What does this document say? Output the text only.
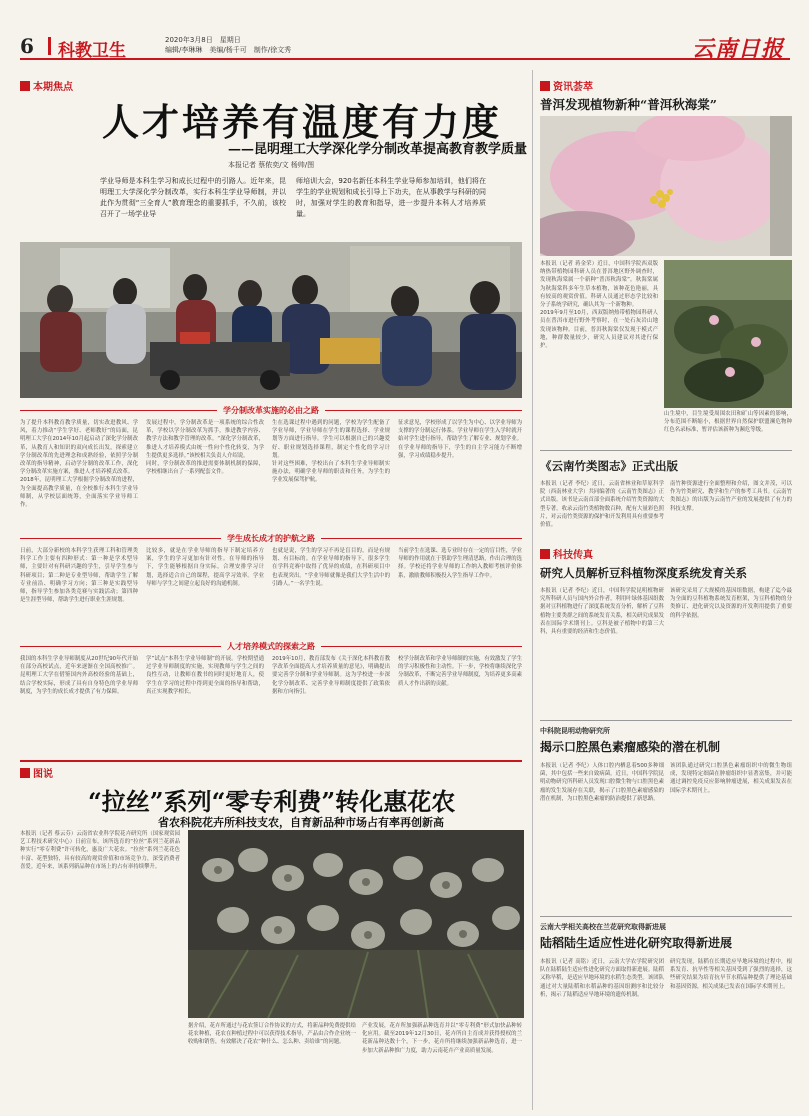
6 科教卫生
2020年3月8日　星期日
编辑/李琳琳　美编/杨千可　制作/徐文秀	云南日报
本期焦点
人才培养有温度有力度
——昆明理工大学深化学分制改革提高教育教学质量
本报记者 蔡侬奕/文 杨帅/图
学业导师是本科生学习和成长过程中的引路人。近年来，昆明理工大学深化学分制改革，实行本科生学业导师制，并以此作为贯彻“三全育人”教育理念的重要抓手，不久前，该校召开了一场学业导
师培训大会，920名新任本科生学业导师参加培训，他们将在学生的学业规划和成长引导上下功夫，在从事教学与科研的同时，加强对学生的教育和指导，进一步提升本科人才培养质量。
学分制改革实施的必由之路

为了提升本科教育教学质量，切实改进教风、学风，着力推动“学生学好、老师教好”的局面，昆明理工大学在2014年10月起启动了深化学分制改革，从教育人和知识的双向成长出发，探索建立学分制改革的先进理念和成熟经验，依照学分制改革的指导精神，启动学分制的改革工作，深化学分制改革实施方案，推进人才培养模式改革。

2018年，昆明理工大学根据学分制改革的进程，为全面提高教学质量，在全校推行本科生学业导师制，从学校层面统筹，全面落实学业导师工作。

发展过程中，学分制改革是一项系统的综合性改革，学校以学分制改革为抓手，推进教学内容、教学方法和教学管理的改革。“深化学分制改革，推进人才培养模式由统一性向个性化转变，为学生提供更多选择。”该校相关负责人介绍说。

同时，学分制改革的推进需要体制机制的保障，学校相继出台了一系列配套文件。

生在选课过程中遇到的问题，学校为学生配备了学业导师，学业导师在学生的课程选择、学业规划等方面进行指导。学生可以根据自己的兴趣爱好、职业规划选择课程，制定个性化的学习计划。

针对这些困难，学校出台了本科生学业导师制实施办法，明确学业导师的职责和任务，为学生的学业发展保驾护航。

征求意见，学校形成了以学生为中心、以学业导师为支撑的学分制运行体系。学业导师在学生入学时就开始对学生进行指导，帮助学生了解专业、规划学业。

在学业导师的指导下，学生的自主学习能力不断增强，学习成绩稳步提升。

学生成长成才的护航之路
日前，大部分新校的本科学生获理工科和管理类科学工作主要有四种形式：第一种是学术型导师，主要针对有科研兴趣的学生，引导学生参与科研项目；第二种是专业型导师，帮助学生了解专业前沿、明确学习方向；第三种是实践型导师，指导学生参加各类竞赛与实践活动；第四种是生涯型导师，帮助学生进行职业生涯规划。
比较多，就是在学业导师的指导下制定培养方案，学生的学习更加有针对性。在导师的指导下，学生能够根据自身实际，合理安排学习计划，选择适合自己的课程，提高学习效率。学业导师与学生之间建立起良好的沟通机制。
也就是说，学生的学习不再是盲目的，而是有规划、有目标的。在学业导师的指导下，很多学生在学科竞赛中取得了优异的成绩，在科研项目中也表现突出。“学业导师就像是我们大学生活中的引路人。”一名学生说。
当前学生在选课、选专业时存在一定的盲目性，学业导师的作用就在于帮助学生理清思路，作出合理的选择。学校还将学业导师的工作纳入教师考核评价体系，激励教师积极投入学生指导工作中。
人才培养模式的探索之路
我国的本科生学业导师制度从20世纪90年代开始在部分高校试点，近年来逐渐在全国高校推广。昆明理工大学在借鉴国内外高校经验的基础上，结合学校实际，形成了具有自身特色的学业导师制度，为学生的成长成才提供了有力保障。
学”试点“本科生学业导师制”的开展。学校期望通过学业导师制度的实施，实现教师与学生之间的良性互动，让教师在教书的同时更好地育人，使学生在学习的过程中得到更全面的指导和帮助，真正实现教学相长。
2019年10月，教育部发布《关于深化本科教育教学改革全面提高人才培养质量的意见》，明确提出要完善学分制和学业导师制。这为学校进一步深化学分制改革、完善学业导师制度提供了政策依据和方向指引。
校学分制改革和学业导师制的实施，有效激发了学生的学习积极性和主动性。下一步，学校将继续深化学分制改革，不断完善学业导师制度，为培养更多高素质人才作出新的贡献。
图说
“拉丝”系列“零专利费”转化惠花农
省农科院花卉所科技支农，自育新品种市场占有率再创新高
本报讯（记者 蔡云芬）云南省农业科学院花卉研究所（国家观赏园艺工程技术研究中心）日前宣布，该所选育的“拉丝”系列兰花新品种实行“零专利费”许可转化，惠及广大花农。“拉丝”系列兰花花色丰富、花型独特，具有较高的观赏价值和市场竞争力，深受消费者喜爱。近年来，该系列新品种在市场上的占有率持续攀升。
据介绍，花卉所通过与花农签订合作协议的方式，将新品种免费提供给花农种植，花农在种植过程中可以获得技术指导，产品由合作企业统一收购和销售，有效解决了花农“种什么、怎么种、卖给谁”的问题。
产业发展，花卉所加强新品种选育并以“零专利费”形式加快品种转化应用。截至2019年12月30日，花卉所自主育成并获得授权的兰花新品种达数十个，下一步，花卉所将继续加强新品种选育，进一步加大新品种推广力度，助力云南花卉产业高质量发展。
资讯荟萃
普洱发现植物新种“普洱秋海棠”

本报讯（记者 蒋金荣）近日，中国科学院西双版纳热带植物园科研人员在普洱地区野外调查时，发现秋海棠属一个新种“普洱秋海棠”。秋海棠属为秋海棠科多年生草本植物，该种花色艳丽，具有较高的观赏价值。科研人员通过形态学比较和分子系统学研究，确认其为一个新物种。

2019年9月至10月，西双版纳热带植物园科研人员在普洱市进行野外考察时，在一处石灰岩山地发现该物种。目前，普洱秋海棠仅发现于模式产地，种群数量较少，研究人员建议对其进行保护。

山生境中，目生境受周围农田和矿山等因素的影响，分布范围不断缩小，根据世界自然保护联盟濒危物种红色名录标准，暂评估该新种为濒危等级。
《云南竹类图志》正式出版
本报讯（记者 李纪）近日，云南省林业和草原科学院（西南林业大学）共同编著的《云南竹类图志》正式出版。该书是云南首部全面系统介绍竹类资源的大型专著，收录云南竹类植物数百种，配有大量彩色照片，对云南竹类资源的保护和开发利用具有重要参考价值。
南竹种资源进行全面整理和介绍，图文并茂，可以作为竹类研究、教学和生产的参考工具书。《云南竹类图志》的出版为云南竹产业的发展提供了有力的科技支撑。
科技传真
研究人员解析豆科植物深度系统发育关系
本报讯（记者 李纪）近日，中国科学院昆明植物研究所科研人员与国内外合作者，利用叶绿体基因组数据对豆科植物进行了深度系统发育分析，解析了豆科植物主要类群之间的系统发育关系，相关研究成果发表在国际学术期刊上。豆科是被子植物中的第三大科，具有重要的经济和生态价值。
该研究采用了大规模的基因组数据，构建了迄今最为全面的豆科植物系统发育框架，为豆科植物的分类修订、进化研究以及资源的开发利用提供了重要的科学依据。
中科院昆明动物研究所
揭示口腔黑色素瘤感染的潜在机制
本报讯（记者 李纪）人体口腔内栖息着500多种细菌，其中包括一些来自致病菌。近日，中国科学院昆明动物研究所科研人员发现口腔微生物与口腔黑色素瘤的发生发展存在关联，揭示了口腔黑色素瘤感染的潜在机制，为口腔黑色素瘤的防治提供了新思路。
该团队通过研究口腔黑色素瘤组织中的微生物组成，发现特定细菌在肿瘤组织中显著富集，并可能通过调控免疫反应影响肿瘤进展，相关成果发表在国际学术期刊上。
云南大学相关高校在兰花研究取得新进展
陆稻陆生适应性进化研究取得新进展
本报讯（记者 高铭）近日，云南大学农学院研究团队在陆稻陆生适应性进化研究方面取得新进展。陆稻又称旱稻，是适应旱地环境的水稻生态类型。该团队通过对大量陆稻和水稻品种的基因组测序和比较分析，揭示了陆稻适应旱地环境的遗传机制。
研究发现，陆稻在长期适应旱地环境的过程中，根系发育、抗旱性等相关基因受到了强烈的选择，这些研究结果为培育抗旱节水稻品种提供了理论基础和基因资源，相关成果已发表在国际学术期刊上。
